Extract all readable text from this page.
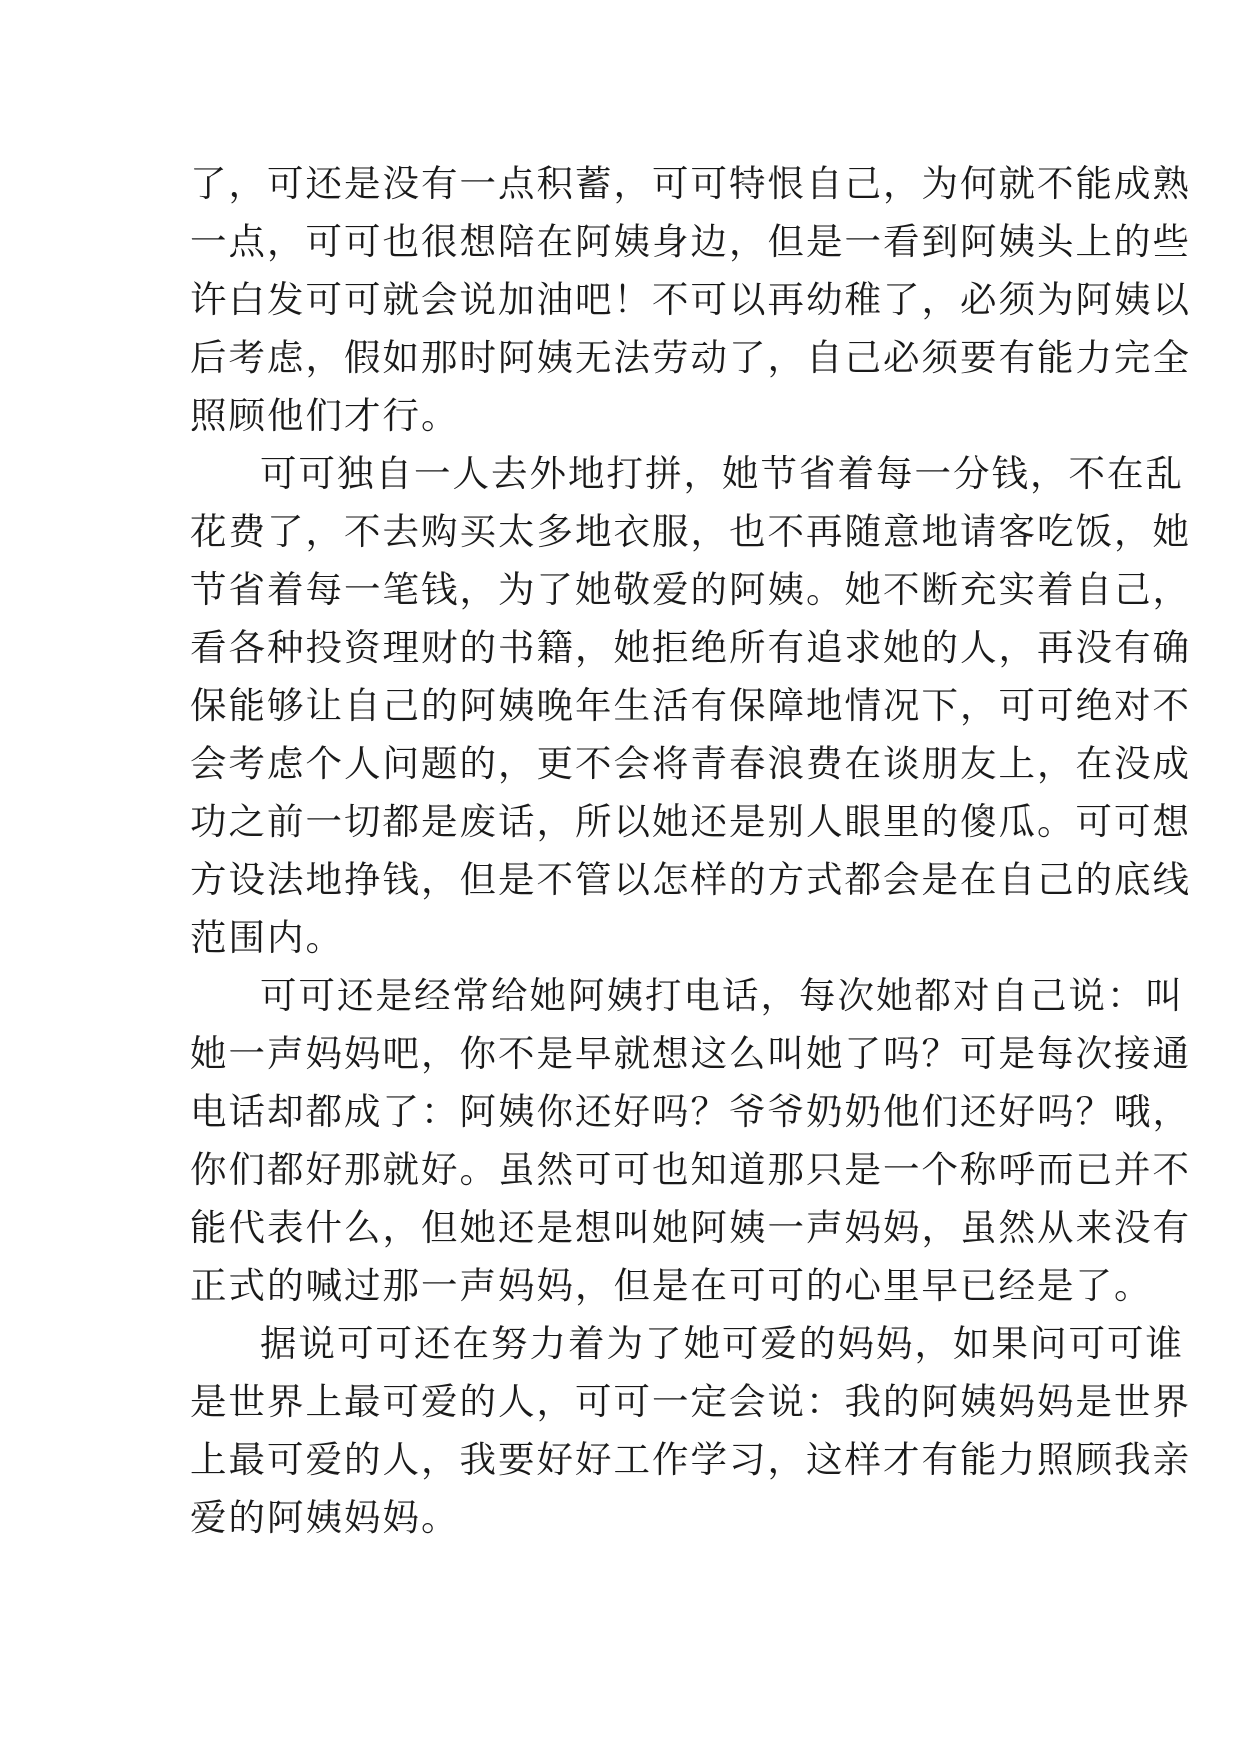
了，可还是没有一点积蓄，可可特恨自己，为何就不能成熟
一点，可可也很想陪在阿姨身边，但是一看到阿姨头上的些
许白发可可就会说加油吧！不可以再幼稚了，必须为阿姨以
后考虑，假如那时阿姨无法劳动了，自己必须要有能力完全
照顾他们才行。
可可独自一人去外地打拼，她节省着每一分钱，不在乱
花费了，不去购买太多地衣服，也不再随意地请客吃饭，她
节省着每一笔钱，为了她敬爱的阿姨。她不断充实着自己，
看各种投资理财的书籍，她拒绝所有追求她的人，再没有确
保能够让自己的阿姨晚年生活有保障地情况下，可可绝对不
会考虑个人问题的，更不会将青春浪费在谈朋友上，在没成
功之前一切都是废话，所以她还是别人眼里的傻瓜。可可想
方设法地挣钱，但是不管以怎样的方式都会是在自己的底线
范围内。
可可还是经常给她阿姨打电话，每次她都对自己说：叫
她一声妈妈吧，你不是早就想这么叫她了吗？可是每次接通
电话却都成了：阿姨你还好吗？爷爷奶奶他们还好吗？哦，
你们都好那就好。虽然可可也知道那只是一个称呼而已并不
能代表什么，但她还是想叫她阿姨一声妈妈，虽然从来没有
正式的喊过那一声妈妈，但是在可可的心里早已经是了。
据说可可还在努力着为了她可爱的妈妈，如果问可可谁
是世界上最可爱的人，可可一定会说：我的阿姨妈妈是世界
上最可爱的人，我要好好工作学习，这样才有能力照顾我亲
爱的阿姨妈妈。
